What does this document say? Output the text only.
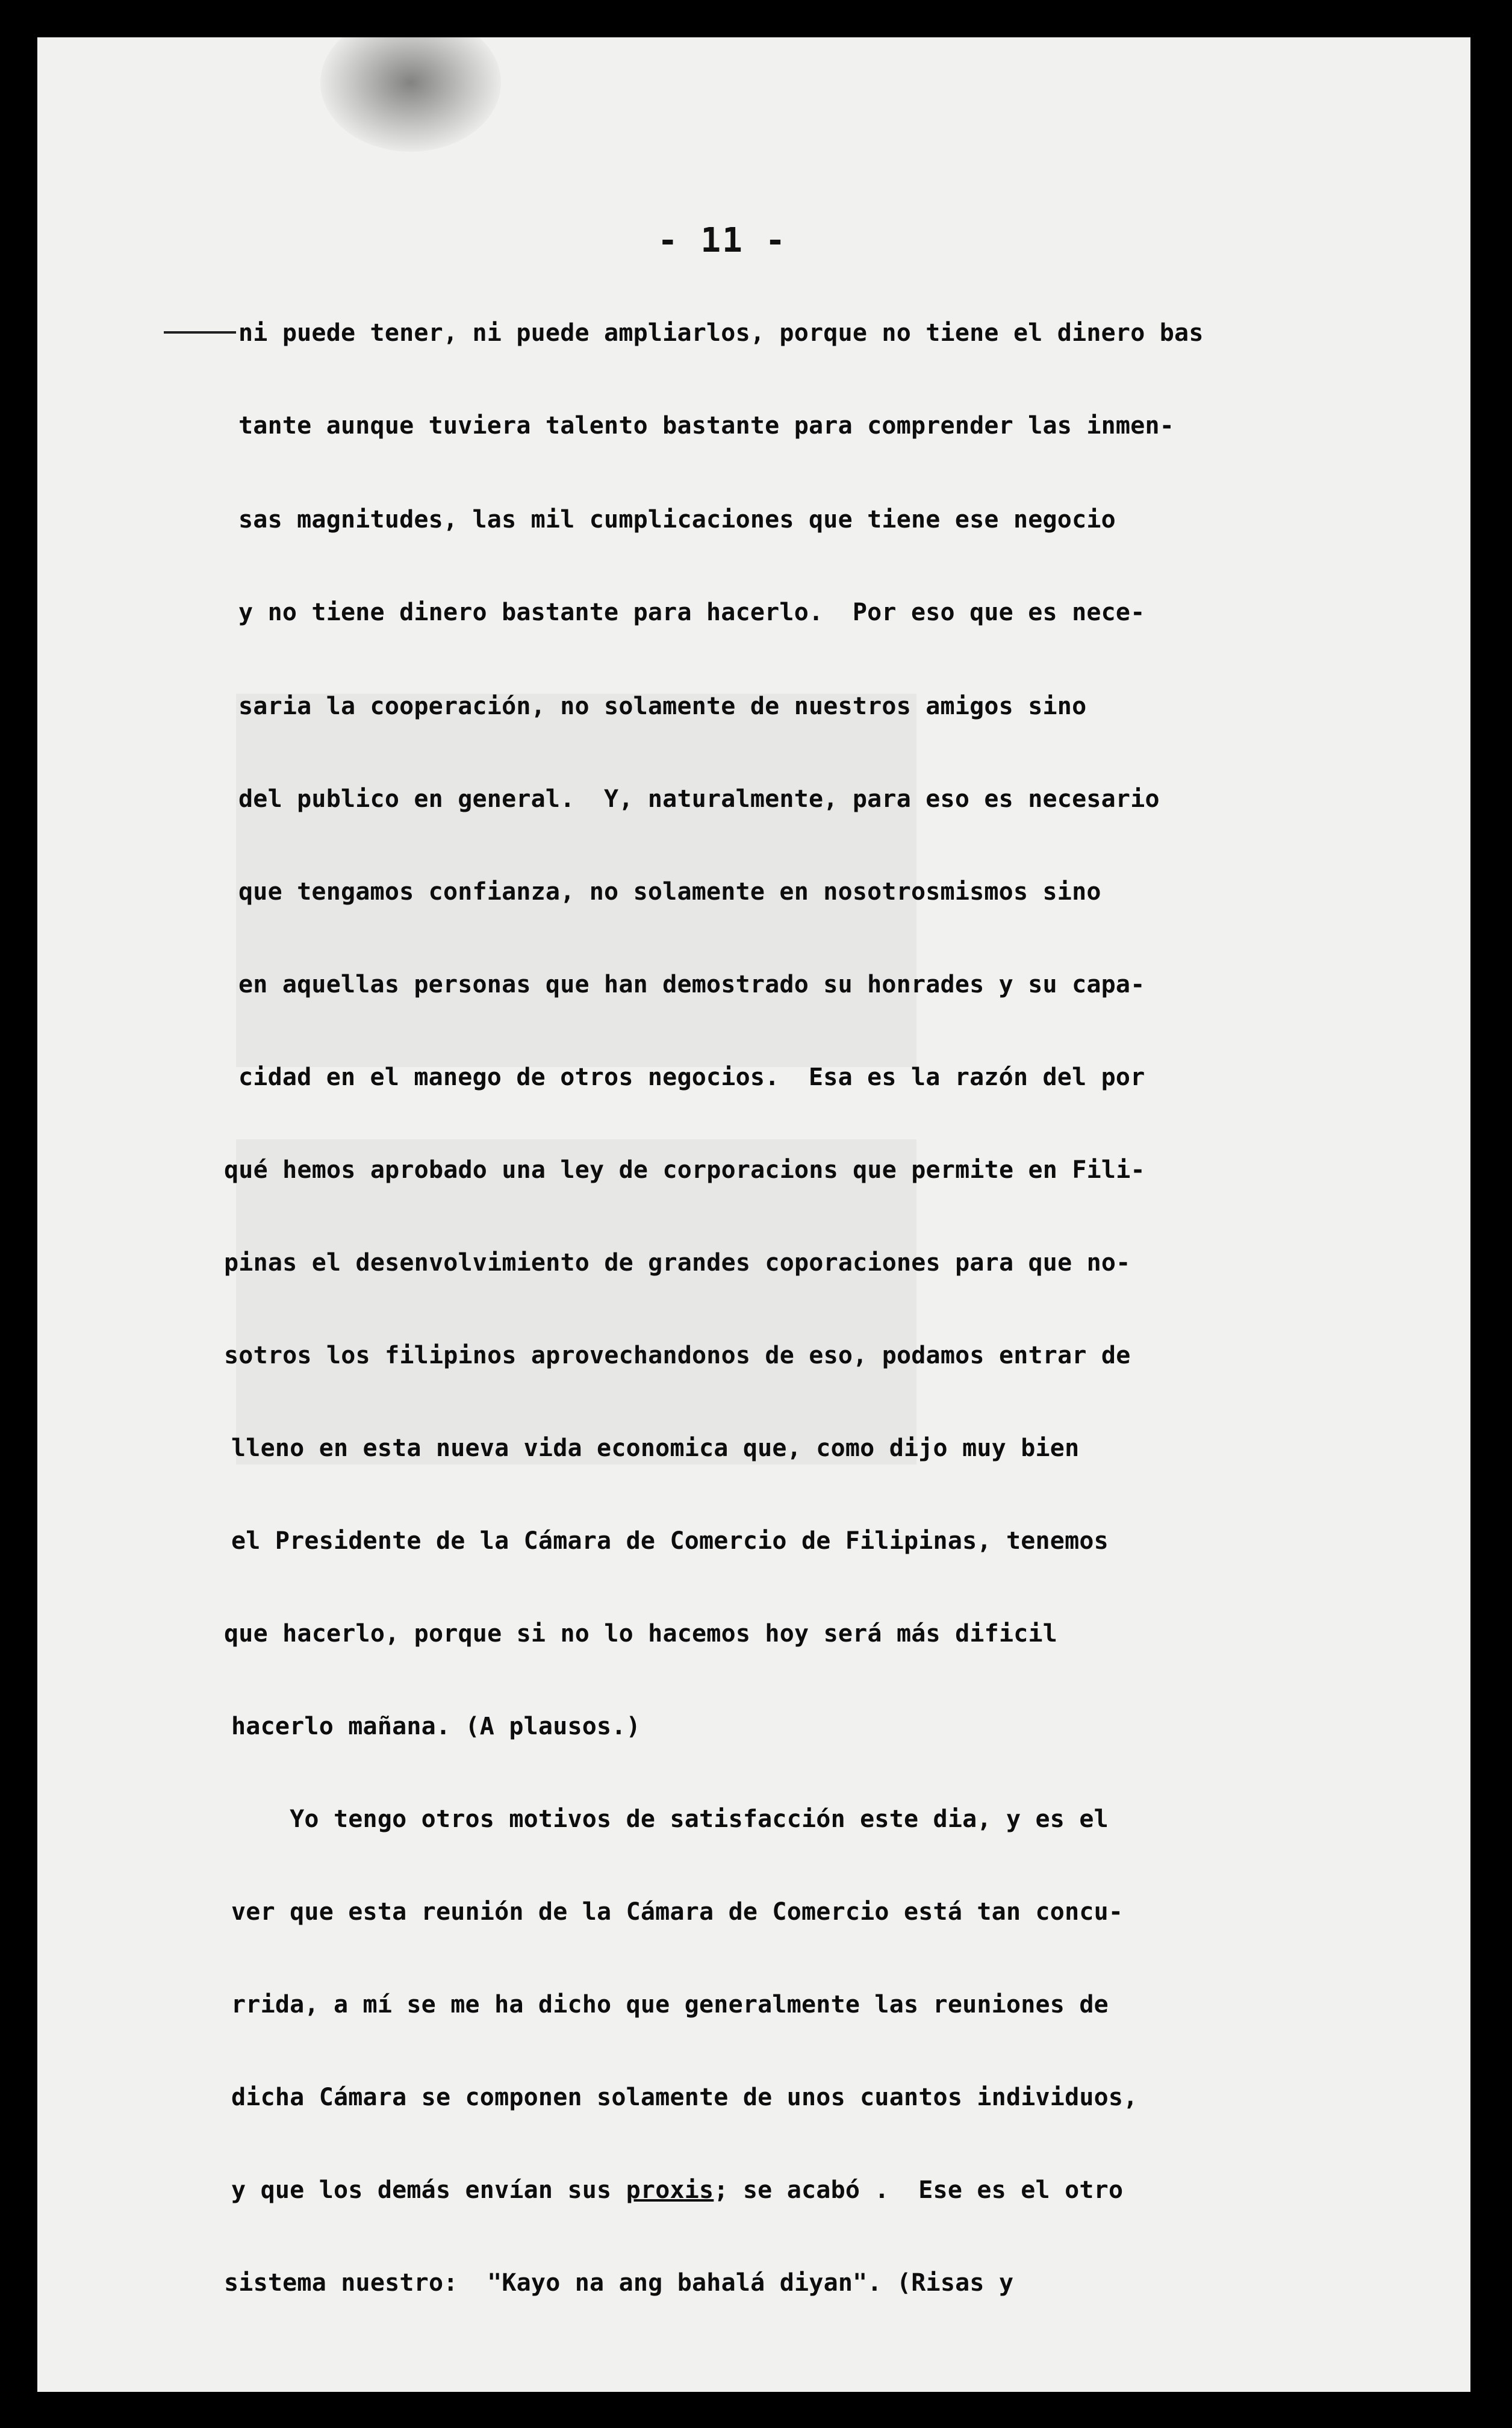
- 11 -
ni puede tener, ni puede ampliarlos, porque no tiene el dinero bas
tante aunque tuviera talento bastante para comprender las inmen-
sas magnitudes, las mil cumplicaciones que tiene ese negocio
y no tiene dinero bastante para hacerlo.  Por eso que es nece-
saria la cooperación, no solamente de nuestros amigos sino
del publico en general.  Y, naturalmente, para eso es necesario
que tengamos confianza, no solamente en nosotrosmismos sino
en aquellas personas que han demostrado su honrades y su capa-
cidad en el manego de otros negocios.  Esa es la razón del por
qué hemos aprobado una ley de corporacions que permite en Fili-
pinas el desenvolvimiento de grandes coporaciones para que no-
sotros los filipinos aprovechandonos de eso, podamos entrar de
lleno en esta nueva vida economica que, como dijo muy bien
el Presidente de la Cámara de Comercio de Filipinas, tenemos
que hacerlo, porque si no lo hacemos hoy será más dificil
hacerlo mañana. (A plausos.)
Yo tengo otros motivos de satisfacción este dia, y es el
ver que esta reunión de la Cámara de Comercio está tan concu-
rrida, a mí se me ha dicho que generalmente las reuniones de
dicha Cámara se componen solamente de unos cuantos individuos,
y que los demás envían sus proxis; se acabó .  Ese es el otro
sistema nuestro:  "Kayo na ang bahalá diyan". (Risas y
